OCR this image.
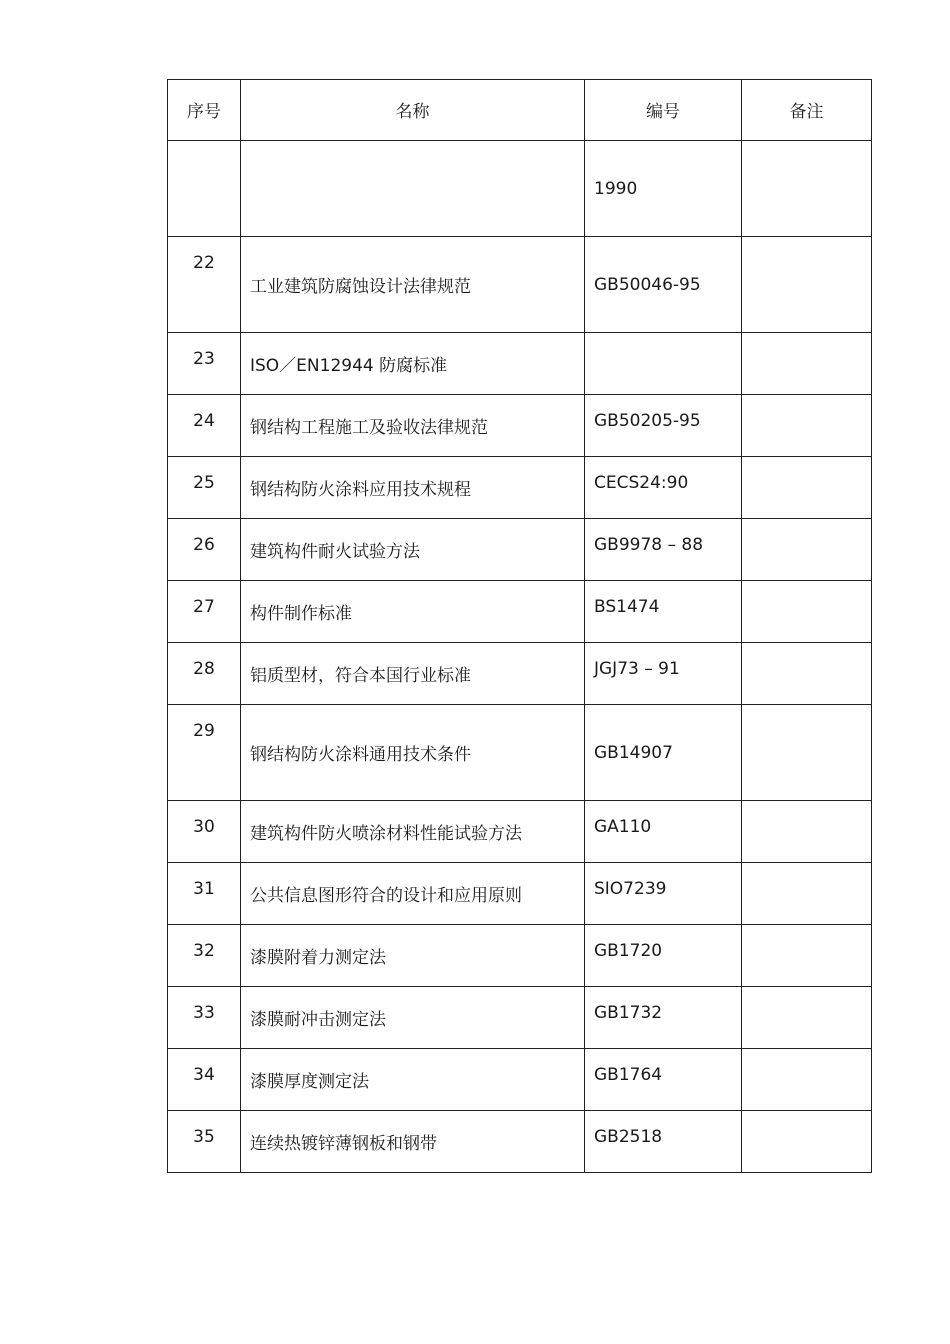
序号	名称	编号	备注

		1990	

22	工业建筑防腐蚀设计法律规范	GB50046-95	

23	ISO／EN12944 防腐标准		

24	钢结构工程施工及验收法律规范	GB50205-95	

25	钢结构防火涂料应用技术规程	CECS24:90	

26	建筑构件耐火试验方法	GB9978 – 88	

27	构件制作标准	BS1474	

28	铝质型材，符合本国行业标准	JGJ73 – 91	

29	钢结构防火涂料通用技术条件	GB14907	

30	建筑构件防火喷涂材料性能试验方法	GA110	

31	公共信息图形符合的设计和应用原则	SIO7239	

32	漆膜附着力测定法	GB1720	

33	漆膜耐冲击测定法	GB1732	

34	漆膜厚度测定法	GB1764	

35	连续热镀锌薄钢板和钢带	GB2518	
